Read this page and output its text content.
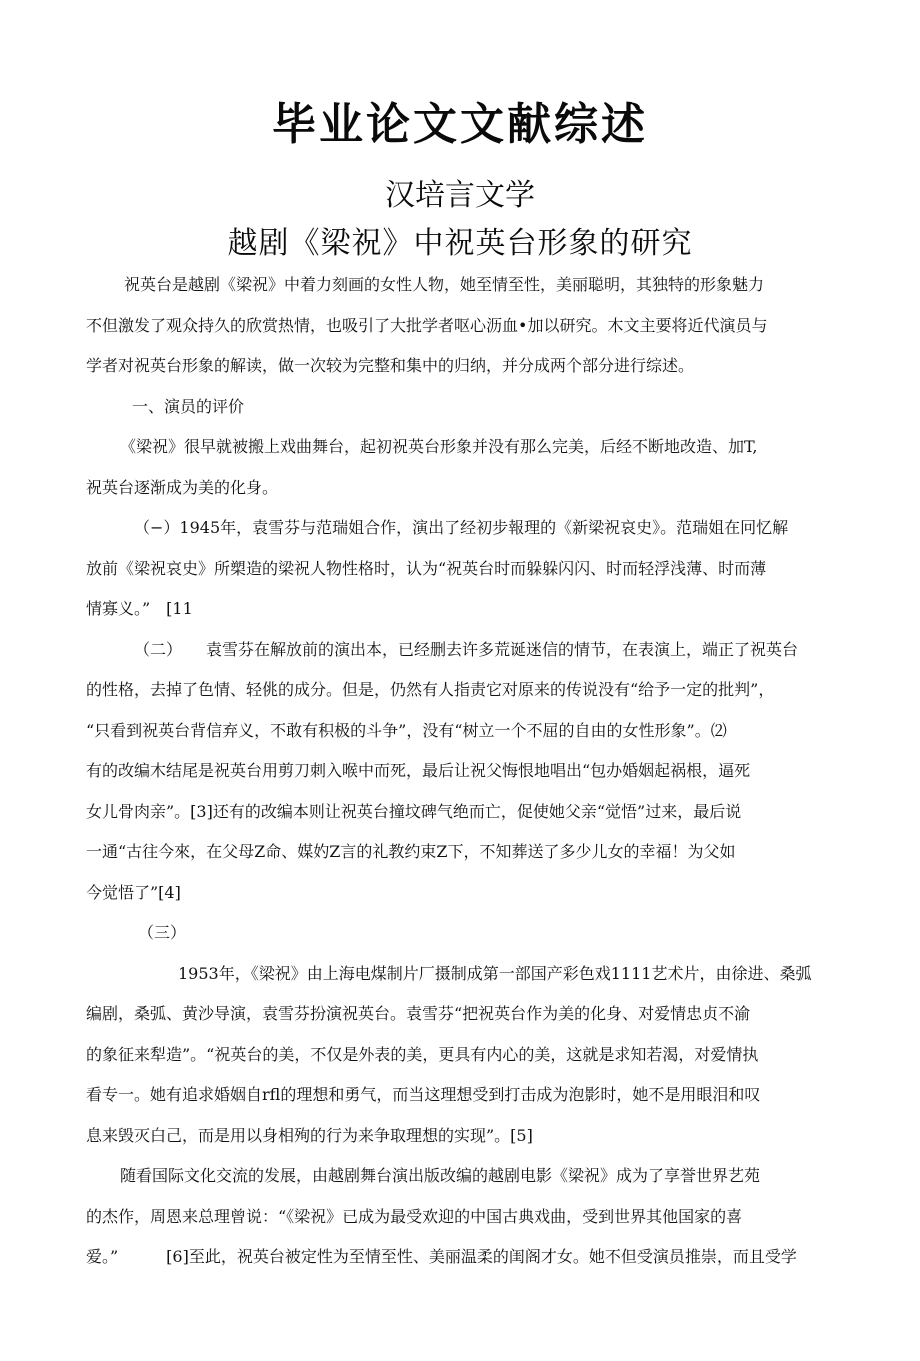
毕业论文文献综述
汉培言文学
越剧《梁祝》中祝英台形象的研究
祝英台是越剧《梁祝》中着力刻画的女性人物，她至情至性，美丽聪明，其独特的形象魅力
不但激发了观众持久的欣赏热情，也吸引了大批学者呕心沥血•加以研究。木文主要将近代演员与
学者对祝英台形象的解读，做一次较为完整和集中的归纳，并分成两个部分进行综述。
一、演员的评价
《梁祝》很早就被搬上戏曲舞台，起初祝英台形象并没有那么完美，后经不断地改造、加T,
祝英台逐渐成为美的化身。
（−）1945年，袁雪芬与范瑞姐合作，演出了经初步報理的《新梁祝哀史》。范瑞姐在冋忆解
放前《梁祝哀史》所槊造的梁祝人物性格时，认为“祝英台时而躲躲闪闪、时而轻浮浅薄、时而薄
情寡义。”　[11
（二）　　袁雪芬在解放前的演出本，已经删去许多荒诞迷信的情节，在表演上，端正了祝英台
的性格，去掉了色情、轻佻的成分。但是，仍然有人指责它对原来的传说没有“给予一定的批判”，
“只看到祝英台背信弃义，不敢有积极的斗争”，没有“树立一个不屈的自由的女性形象”。⑵
有的改编木结尾是祝英台用剪刀刺入喉中而死，最后让祝父悔恨地唱出“包办婚姻起祸根，逼死
女儿骨肉亲”。[3]还有的改编本则让祝英台撞坟碑气绝而亡，促使她父亲“觉悟”过来，最后说
一通“古往今來，在父母Z命、媒妁Z言的礼教约束Z下，不知葬送了多少儿女的幸福！为父如
今觉悟了”[4]
（三）
1953年，《梁祝》由上海电煤制片厂摄制成第一部国产彩色戏1111艺术片，由徐进、桑弧
编剧，桑弧、黄沙导演，袁雪芬扮演祝英台。袁雪芬“把祝英台作为美的化身、对爱情忠贞不渝
的象征来犁造”。“祝英台的美，不仅是外表的美，更具有内心的美，这就是求知若渴，对爱情执
看专一。她有追求婚姻自rfl的理想和勇气，而当这理想受到打击成为泡影时，她不是用眼泪和叹
息来毁灭白己，而是用以身相殉的行为来争取理想的实现”。[5]
随看国际文化交流的发展，由越剧舞台演出版改编的越剧电影《梁祝》成为了享誉世界艺苑
的杰作，周恩来总理曾说：“《梁祝》已成为最受欢迎的中国古典戏曲，受到世界其他国家的喜
爱。”　　　[6]至此，祝英台被定性为至情至性、美丽温柔的闺阁才女。她不但受演员推崇，而且受学
